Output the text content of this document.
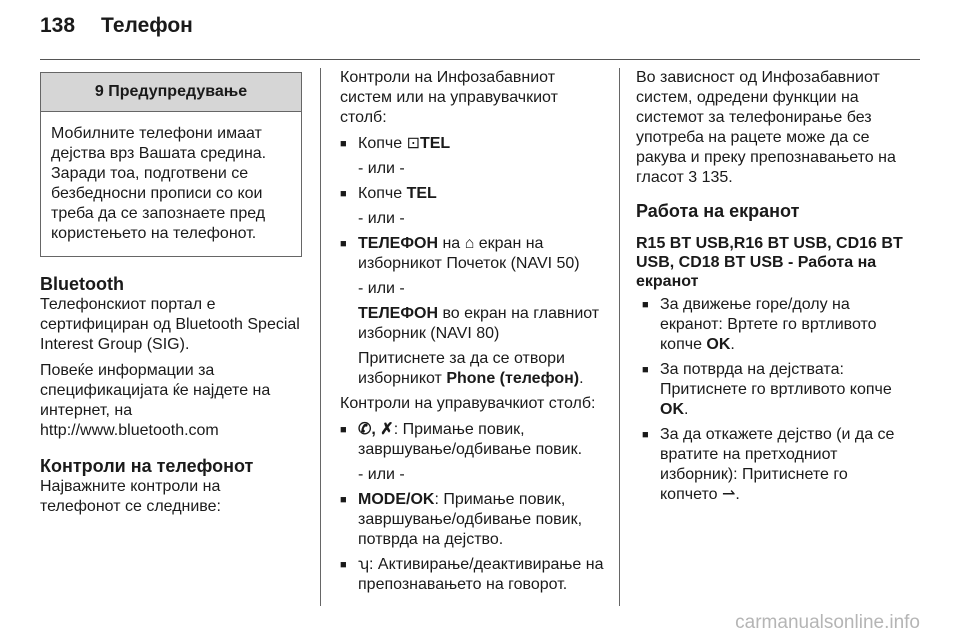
138 Телефон
9 Предупредување
Мобилните телефони имаат дејства врз Вашата средина. Заради тоа, подготвени се безбедносни прописи со кои треба да се запознаете пред користењето на телефонот.
Bluetooth

Телефонскиот портал е сертифициран од Bluetooth Special Interest Group (SIG).

Повеќе информации за спецификацијата ќе најдете на интернет, на http://www.bluetooth.com

Контроли на телефонот

Најважните контроли на телефонот се следниве:

Контроли на Инфозабавниот систем или на управувачкиот столб:

■ Копче ⊡TEL
- или -
■ Копче TEL
- или -
■ ТЕЛЕФОН на ⌂ екран на изборникот Почеток (NAVI 50)
- или -
ТЕЛЕФОН во екран на главниот изборник (NAVI 80)
Притиснете за да се отвори изборникот Phone (телефон).

Контроли на управувачкиот столб:

■ ✆, ✗: Примање повик, завршување/одбивање повик.
- или -
■ MODE/OK: Примање повик, завршување/одбивање повик, потврда на дејство.
■ ʮ: Активирање/деактивирање на препознавањето на говорот.

Во зависност од Инфозабавниот систем, одредени функции на системот за телефонирање без употреба на рацете може да се ракува и преку препознавањето на гласот 3 135.

Работа на екранот
R15 BT USB,R16 BT USB, CD16 BT USB, CD18 BT USB - Работа на екранот
■ За движење горе/долу на екранот: Вртете го вртливото копче OK.
■ За потврда на дејствата: Притиснете го вртливото копче OK.
■ За да откажете дејство (и да се вратите на претходниот изборник): Притиснете го копчето ⇀.
carmanualsonline.info
